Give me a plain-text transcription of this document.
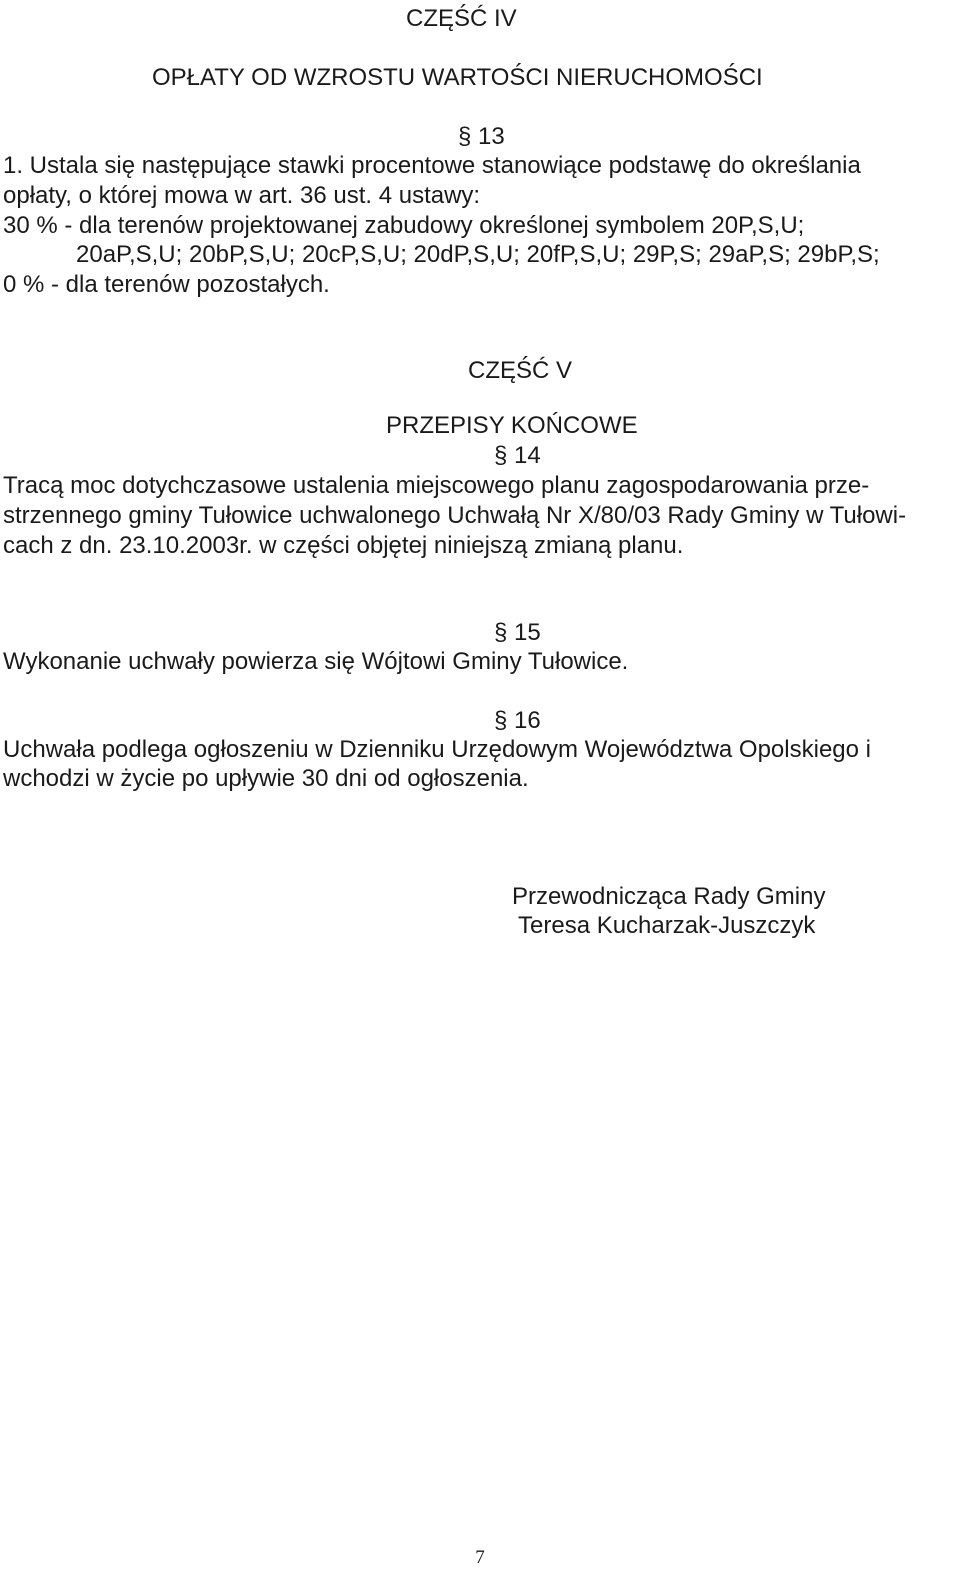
CZĘŚĆ IV
OPŁATY OD WZROSTU WARTOŚCI NIERUCHOMOŚCI
§ 13
1. Ustala się następujące stawki procentowe stanowiące podstawę do określania
opłaty, o której mowa w art. 36 ust. 4 ustawy:
30 % - dla terenów projektowanej zabudowy określonej symbolem 20P,S,U;
20aP,S,U; 20bP,S,U; 20cP,S,U; 20dP,S,U; 20fP,S,U; 29P,S; 29aP,S; 29bP,S;
0 % - dla terenów pozostałych.
CZĘŚĆ V
PRZEPISY KOŃCOWE
§ 14
Tracą moc dotychczasowe ustalenia miejscowego planu zagospodarowania prze-
strzennego gminy Tułowice uchwalonego Uchwałą Nr X/80/03 Rady Gminy w Tułowi-
cach z dn. 23.10.2003r. w części objętej niniejszą zmianą planu.
§ 15
Wykonanie uchwały powierza się Wójtowi Gminy Tułowice.
§ 16
Uchwała podlega ogłoszeniu w Dzienniku Urzędowym Województwa Opolskiego i
wchodzi w życie po upływie 30 dni od ogłoszenia.
Przewodnicząca Rady Gminy
Teresa Kucharzak-Juszczyk
7
